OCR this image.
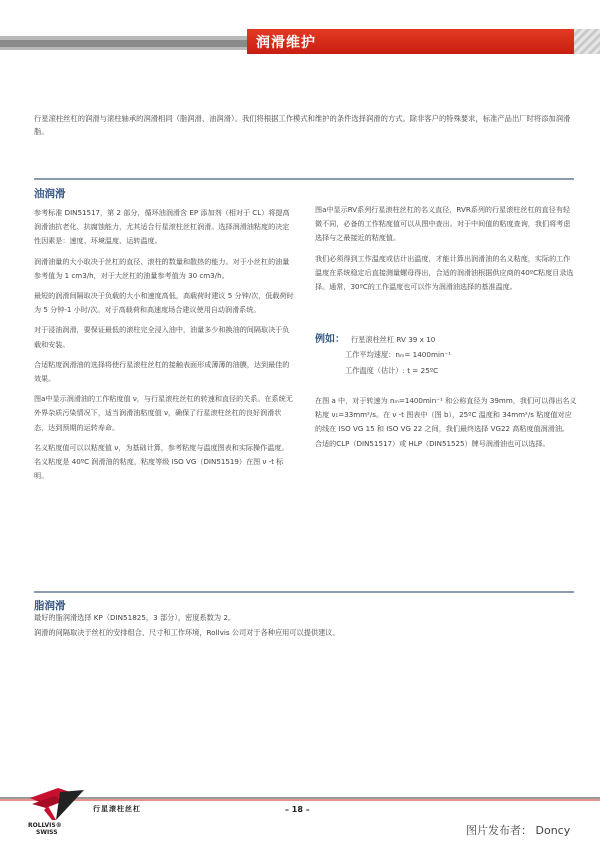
润滑维护
行星滚柱丝杠的润滑与滚柱轴承的润滑相同（脂润滑、油润滑）。我们将根据工作模式和维护的条件选择润滑的方式。除非客户的特殊要求，标准产品出厂时将添加润滑脂。
油润滑

参考标准 DIN51517，第 2 部分，循环油润滑含 EP 添加剂（相对于 CL）将提高润滑油抗老化、抗腐蚀能力，尤其适合行星滚柱丝杠润滑。选择润滑油粘度的决定性因素是：速度、环境温度、运转温度。

润滑油量的大小取决于丝杠的直径、滚柱的数量和散热的能力。对于小丝杠的油量参考值为 1 cm3/h，对于大丝杠的油量参考值为 30 cm3/h。

最短的润滑间隔取决于负载的大小和速度高低，高载荷时建议 5 分钟/次，低载荷时为 5 分钟-1 小时/次。对于高载荷和高速度场合建议使用自动润滑系统。

对于浸油润滑，要保证最低的滚柱完全浸入油中，油量多少和换油的间隔取决于负载和安装。

合适粘度润滑油的选择将使行星滚柱丝杠的接触表面形成薄薄的油膜，达到最佳的效果。

图a中显示润滑油的工作粘度值 ν，与行星滚柱丝杠的转速和直径的关系。在系统无外界杂质污染情况下，适当润滑油粘度值 ν，确保了行星滚柱丝杠的良好润滑状态，达到预期的运转寿命。

名义粘度值可以以粘度值 ν，为基础计算，参考粘度与温度图表和实际操作温度。名义粘度是 40ºC 润滑油的粘度，粘度等级 ISO VG（DIN51519）在图 ν -t 标明。

图a中显示RV系列行星滚柱丝杠的名义直径，RVR系列的行星滚柱丝杠的直径有轻微不同，必备的工作粘度值可以从图中查出。对于中间值的粘度查询，我们将考虑选择与之最接近的粘度值。

我们必须得到工作温度或估计出温度，才能计算出润滑油的名义粘度，实际的工作温度在系统稳定后直接测量螺母得出，合适的润滑油根据供应商的40ºC粘度目录选择。通常，30ºC的工作温度也可以作为润滑油选择的基准温度。

例如： 行星滚柱丝杠 RV 39 x 10
工作平均速度：nₘ= 1400min⁻¹
工作温度（估计）: t = 25ºC

在图 a 中，对于转速为 nₘ=1400min⁻¹ 和公称直径为 39mm，我们可以得出名义粘度 ν₁=33mm²/s。在 ν -t 图表中（图 b），25ºC 温度和 34mm²/s 粘度值对应的线在 ISO VG 15 和 ISO VG 22 之间，我们最终选择 VG22 高粘度值润滑油。

合适的CLP（DIN51517）或 HLP（DIN51525）牌号润滑油也可以选择。

脂润滑
最好的脂润滑选择 KP（DIN51825，3 部分），密度系数为 2。
润滑的间隔取决于丝杠的安排组合、尺寸和工作环境，Rollvis 公司对于各种应用可以提供建议。
ROLLVIS®
SWISS
行星滚柱丝杠	– 18 –
图片发布者： Doncy
